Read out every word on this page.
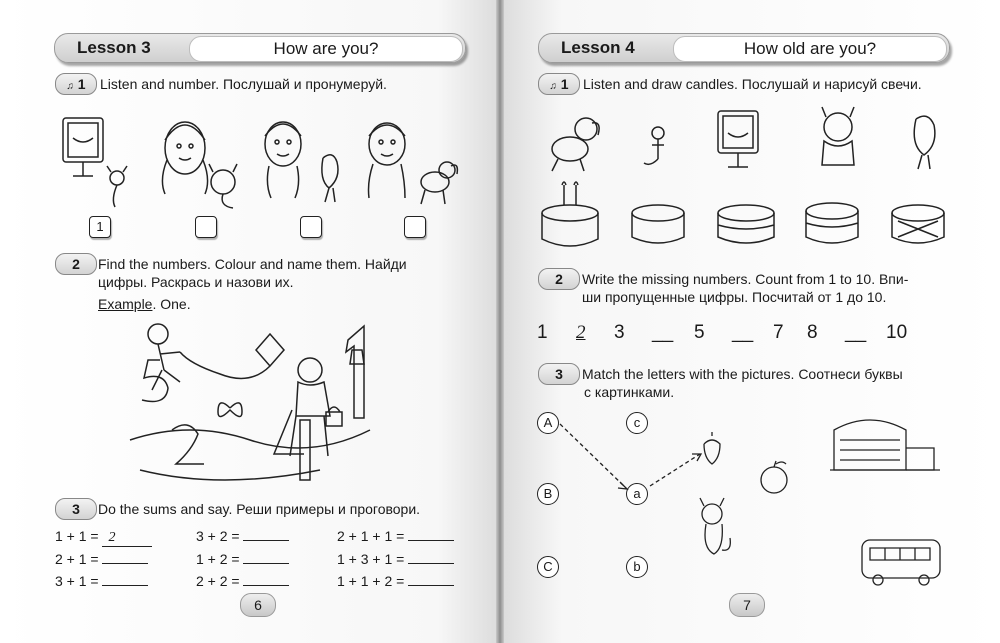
Lesson 3	How are you?
♫ 1	Listen and number. Послушай и пронумеруй.
1
2	Find the numbers. Colour and name them. Найди
цифры. Раскрась и назови их.
Example. One.
3	Do the sums and say. Реши примеры и проговори.
1 + 1 = 2	3 + 2 =	2 + 1 + 1 =
2 + 1 =	1 + 2 =	1 + 3 + 1 =
3 + 1 =	2 + 2 =	1 + 1 + 2 =
6
Lesson 4	How old are you?
♫ 1	Listen and draw candles. Послушай и нарисуй свечи.
2	Write the missing numbers. Count from 1 to 10. Впи-
ши пропущенные цифры. Посчитай от 1 до 10.
1 2 3 __ 5 __ 7 8 __ 10
3	Match the letters with the pictures. Соотнеси буквы
с картинками.
A
B
C
c
a
b
7
